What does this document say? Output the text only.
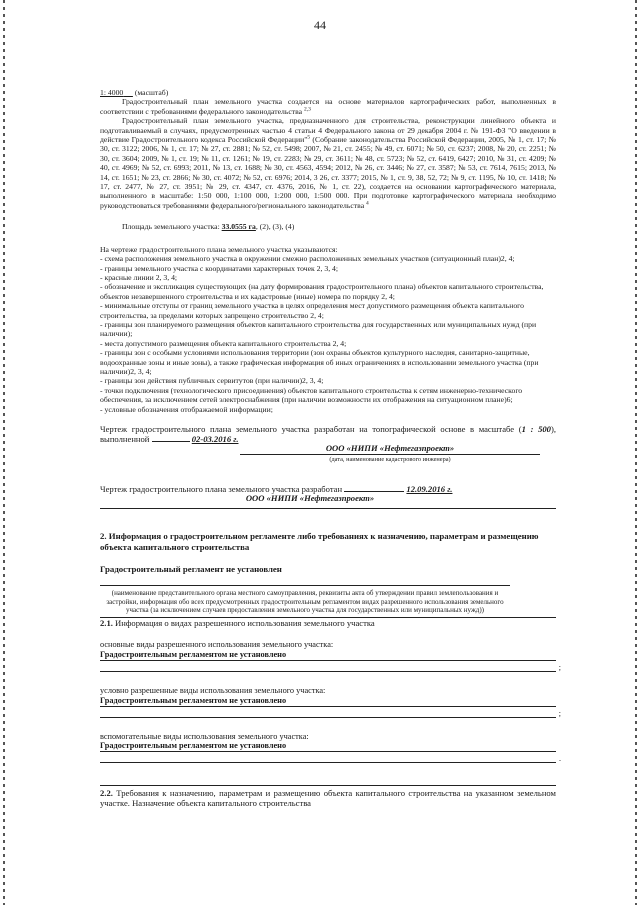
44

1: 4000 (масштаб)

Градостроительный план земельного участка создается на основе материалов картографических работ, выполненных в соответствии с требованиями федерального законодательства $^{2,3}$

Градостроительный план земельного участка, предназначенного для строительства, реконструкции линейного объекта и подготавливаемый в случаях, предусмотренных частью 4 статьи 4 Федерального закона от 29 декабря 2004 г. № 191-ФЗ "О введении в действие Градостроительного кодекса Российской Федерации"$^5$ (Собрание законодательства Российской Федерации, 2005, № 1, ст. 17; № 30, ст. 3122; 2006, № 1, ст. 17; № 27, ст. 2881; № 52, ст. 5498; 2007, № 21, ст. 2455; № 49, ст. 6071; № 50, ст. 6237; 2008, № 20, ст. 2251; № 30, ст. 3604; 2009, № 1, ст. 19; № 11, ст. 1261; № 19, ст. 2283; № 29, ст. 3611; № 48, ст. 5723; № 52, ст. 6419, 6427; 2010, № 31, ст. 4209; № 40, ст. 4969; № 52, ст. 6993; 2011, № 13, ст. 1688; № 30, ст. 4563, 4594; 2012, № 26, ст. 3446; № 27, ст. 3587; № 53, ст. 7614, 7615; 2013, № 14, ст. 1651; № 23, ст. 2866; № 30, ст. 4072; № 52, ст. 6976; 2014, 3 26, ст. 3377; 2015, № 1, ст. 9, 38, 52, 72; № 9, ст. 1195, № 10, ст. 1418; № 17, ст. 2477, № 27, ст. 3951; № 29, ст. 4347, ст. 4376, 2016, № 1, ст. 22), создается на основании картографического материала, выполненного в масштабе: 1:50 000, 1:100 000, 1:200 000, 1:500 000. При подготовке картографического материала необходимо руководствоваться требованиями федерального/регионального законодательства $^4$

Площадь земельного участка: 33.0555 га, (2), (3), (4)

На чертеже градостроительного плана земельного участка указываются:

- схема расположения земельного участка в окружении смежно расположенных земельных участков (ситуационный план)2, 4;

- границы земельного участка с координатами характерных точек 2, 3, 4;

- красные линии 2, 3, 4;

- обозначение и экспликация существующих (на дату формирования градостроительного плана) объектов капитального строительства, объектов незавершенного строительства и их кадастровые (иные) номера по порядку 2, 4;

- минимальные отступы от границ земельного участка в целях определения мест допустимого размещения объекта капитального строительства, за пределами которых запрещено строительство 2, 4;

- границы зон планируемого размещения объектов капитального строительства для государственных или муниципальных нужд (при наличии);

- места допустимого размещения объекта капитального строительства 2, 4;

- границы зон с особыми условиями использования территории (зон охраны объектов культурного наследия, санитарно-защитные, водоохранные зоны и иные зоны), а также графическая информация об иных ограничениях в использовании земельного участка (при наличии)2, 3, 4;

- границы зон действия публичных сервитутов (при наличии)2, 3, 4;

- точки подключения (технологического присоединения) объектов капитального строительства к сетям инженерно-технического обеспечения, за исключением сетей электроснабжения (при наличии возможности их отображения на ситуационном плане)6;

- условные обозначения отображаемой информации;

Чертеж градостроительного плана земельного участка разработан на топографической основе в масштабе (1 : 500), выполненной	02-03.2016 г.

ООО «НИПИ «Нефтегазпроект»
(дата, наименование кадастрового инженера)

Чертеж градостроительного плана земельного участка разработан	12.09.2016 г.

ООО «НИПИ «Нефтегазпроект»

2. Информация о градостроительном регламенте либо требованиях к назначению, параметрам и размещению объекта капитального строительства

Градостроительный регламент не установлен

(наименование представительного органа местного самоуправления, реквизиты акта об утверждении правил землепользования и застройки, информация обо всех предусмотренных градостроительным регламентом видах разрешенного использования земельного участка (за исключением случаев предоставления земельного участка для государственных или муниципальных нужд))

2.1. Информация о видах разрешенного использования земельного участка

основные виды разрешенного использования земельного участка:

Градостроительным регламентом не установлено

;

условно разрешенные виды использования земельного участка:

Градостроительным регламентом не установлено

;

вспомогательные виды использования земельного участка:

Градостроительным регламентом не установлено

.

2.2. Требования к назначению, параметрам и размещению объекта капитального строительства на указанном земельном участке. Назначение объекта капитального строительства
